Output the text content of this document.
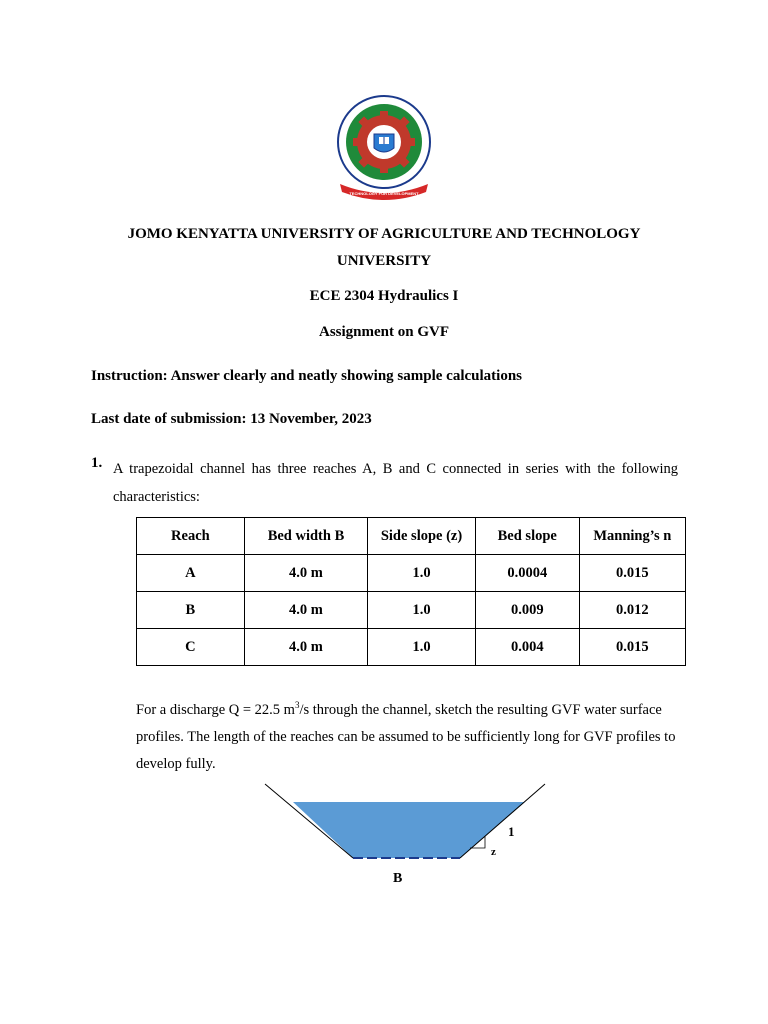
TECHNOLOGY FOR DEVELOPMENT
JOMO KENYATTA UNIVERSITY OF AGRICULTURE AND TECHNOLOGY
UNIVERSITY
ECE 2304 Hydraulics I
Assignment on GVF
Instruction: Answer clearly and neatly showing sample calculations
Last date of submission: 13 November, 2023
1. A trapezoidal channel has three reaches A, B and C connected in series with the following characteristics:
Reach	Bed width B	Side slope (z)	Bed slope	Manning’s n
A	4.0 m	1.0	0.0004	0.015
B	4.0 m	1.0	0.009	0.012
C	4.0 m	1.0	0.004	0.015
For a discharge Q = 22.5 $m^3/s$ through the channel, sketch the resulting GVF water surface profiles. The length of the reaches can be assumed to be sufficiently long for GVF profiles to develop fully.
1
z
B
